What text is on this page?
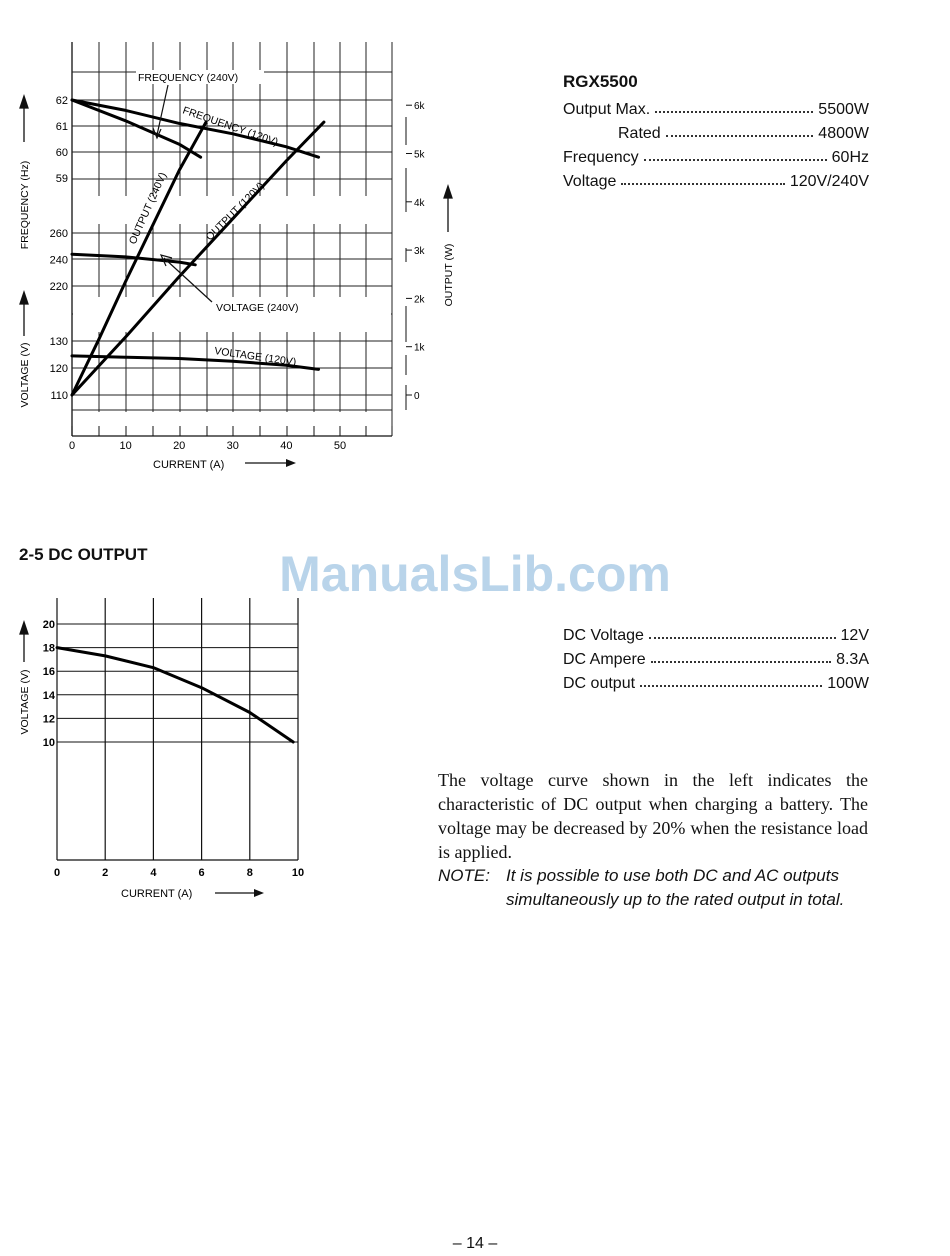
0	10	20	30	40	50
62
61
60
59
260
240
220
130
120
110
6k
5k
4k
3k
2k
1k
0
FREQUENCY (Hz)
VOLTAGE (V)
OUTPUT (W)
CURRENT (A)
FREQUENCY (240V)
FREQUENCY (120V)
OUTPUT (240V)	OUTPUT (120V)
VOLTAGE (240V)
VOLTAGE (120V)

RGX5500

Output Max.	5500W
Rated	4800W
Frequency	60Hz
Voltage	120V/240V

2-5 DC OUTPUT	ManualsLib.com
0	2	4	6	8	10
20
18
16
14
12
10
VOLTAGE (V)
CURRENT (A)
DC Voltage	12V
DC Ampere	8.3A
DC output	100W

The voltage curve shown in the left indicates the characteristic of DC output when charging a battery. The voltage may be decreased by 20% when the resistance load is applied.

NOTE: It is possible to use both DC and AC outputs simultaneously up to the rated output in total.
– 14 –
